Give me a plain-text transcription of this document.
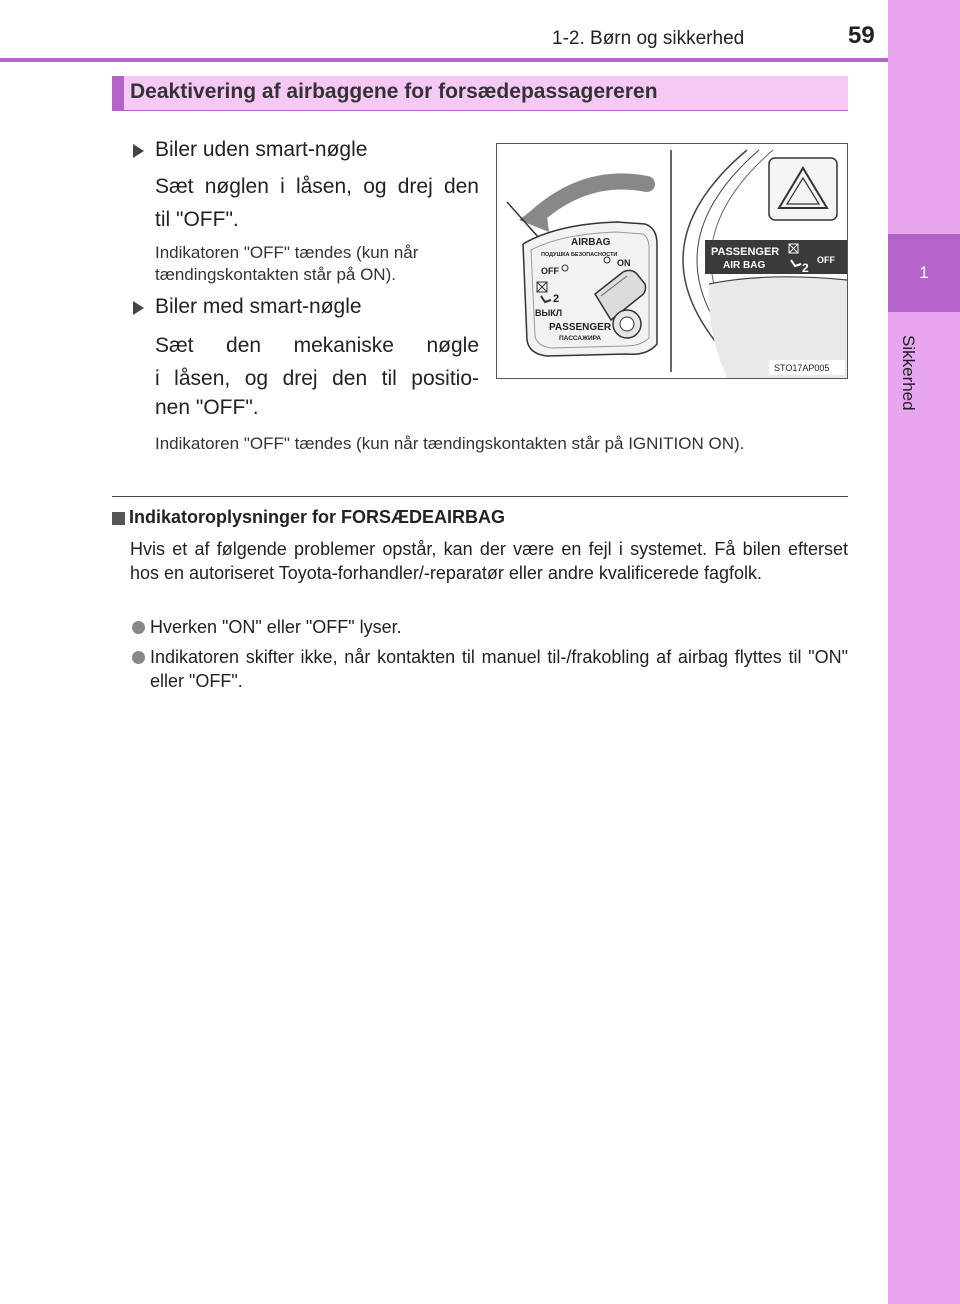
1-2. Børn og sikkerhed	59
1
Sikkerhed
Deaktivering af airbaggene for forsædepassagereren
Biler uden smart-nøgle
Sæt nøglen i låsen, og drej den
til "OFF".
Indikatoren "OFF" tændes (kun når tændingskontakten står på ON).
Biler med smart-nøgle
Sæt den mekaniske nøgle
i låsen, og drej den til positio-
nen "OFF".
Indikatoren "OFF" tændes (kun når tændingskontakten står på IGNITION ON).
AIRBAG
ПОДУШКА БЕЗОПАСНОСТИ
OFF
ON
2
ВЫКЛ
PASSENGER
ПАССАЖИРА
PASSENGER
AIR BAG	2
OFF
STO17AP005
Indikatoroplysninger for FORSÆDEAIRBAG
Hvis et af følgende problemer opstår, kan der være en fejl i systemet. Få bilen efterset hos en autoriseret Toyota-forhandler/-reparatør eller andre kvalificerede fagfolk.
Hverken "ON" eller "OFF" lyser.
Indikatoren skifter ikke, når kontakten til manuel til-/frakobling af airbag flyttes til "ON" eller "OFF".
